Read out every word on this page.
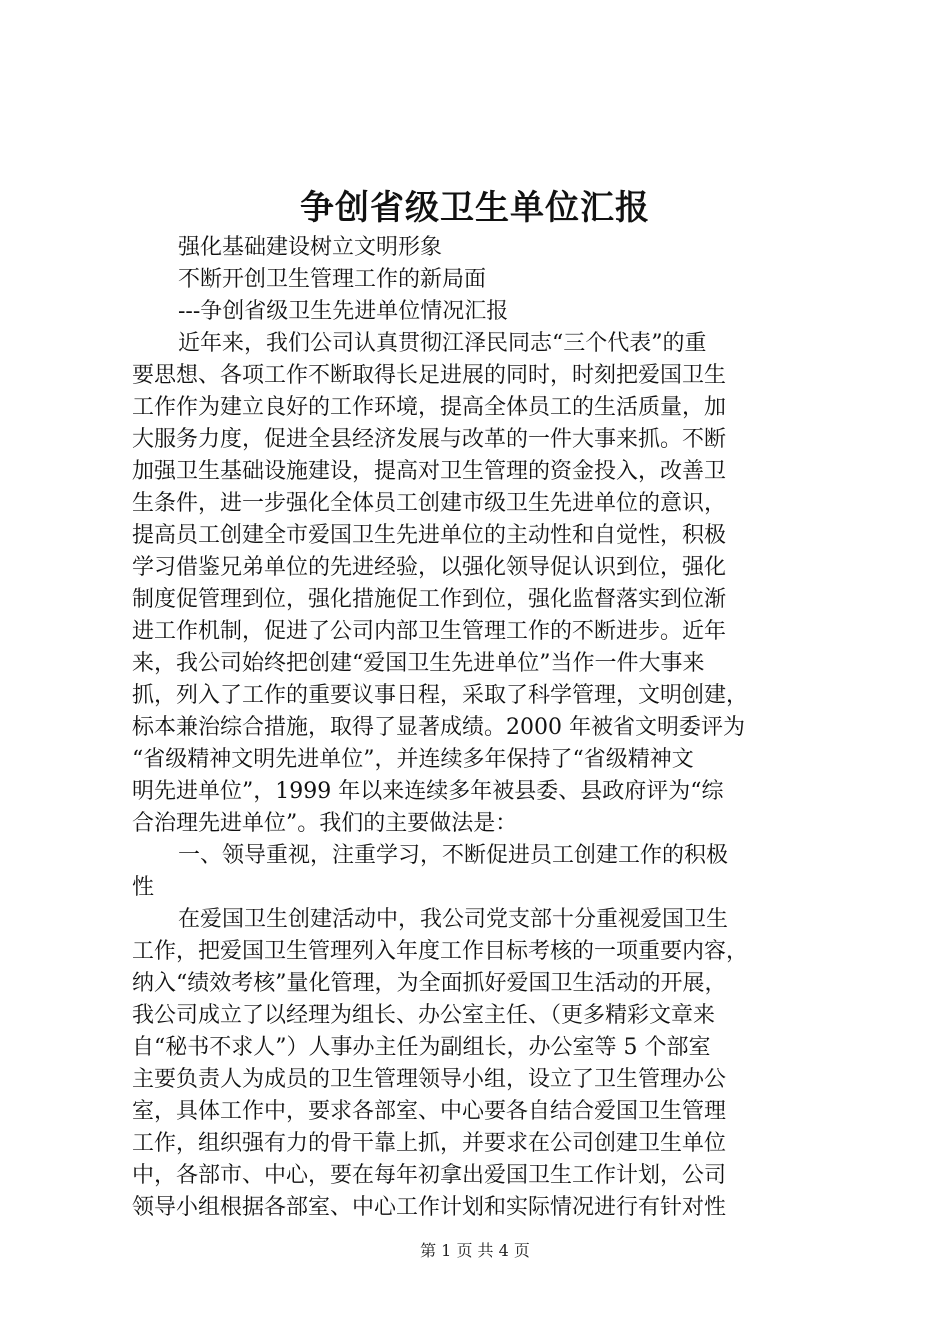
争创省级卫生单位汇报
强化基础建设树立文明形象
不断开创卫生管理工作的新局面
---争创省级卫生先进单位情况汇报
近年来，我们公司认真贯彻江泽民同志“三个代表”的重
要思想、各项工作不断取得长足进展的同时，时刻把爱国卫生
工作作为建立良好的工作环境，提高全体员工的生活质量，加
大服务力度，促进全县经济发展与改革的一件大事来抓。不断
加强卫生基础设施建设，提高对卫生管理的资金投入，改善卫
生条件，进一步强化全体员工创建市级卫生先进单位的意识，
提高员工创建全市爱国卫生先进单位的主动性和自觉性，积极
学习借鉴兄弟单位的先进经验，以强化领导促认识到位，强化
制度促管理到位，强化措施促工作到位，强化监督落实到位渐
进工作机制，促进了公司内部卫生管理工作的不断进步。近年
来，我公司始终把创建“爱国卫生先进单位”当作一件大事来
抓，列入了工作的重要议事日程，采取了科学管理，文明创建，
标本兼治综合措施，取得了显著成绩。2000 年被省文明委评为
“省级精神文明先进单位”，并连续多年保持了“省级精神文
明先进单位”，1999 年以来连续多年被县委、县政府评为“综
合治理先进单位”。我们的主要做法是：
一、领导重视，注重学习，不断促进员工创建工作的积极
性
在爱国卫生创建活动中，我公司党支部十分重视爱国卫生
工作，把爱国卫生管理列入年度工作目标考核的一项重要内容，
纳入“绩效考核”量化管理，为全面抓好爱国卫生活动的开展，
我公司成立了以经理为组长、办公室主任、（更多精彩文章来
自“秘书不求人”）人事办主任为副组长，办公室等 5 个部室
主要负责人为成员的卫生管理领导小组，设立了卫生管理办公
室，具体工作中，要求各部室、中心要各自结合爱国卫生管理
工作，组织强有力的骨干靠上抓，并要求在公司创建卫生单位
中，各部市、中心，要在每年初拿出爱国卫生工作计划，公司
领导小组根据各部室、中心工作计划和实际情况进行有针对性
第 1 页 共 4 页
